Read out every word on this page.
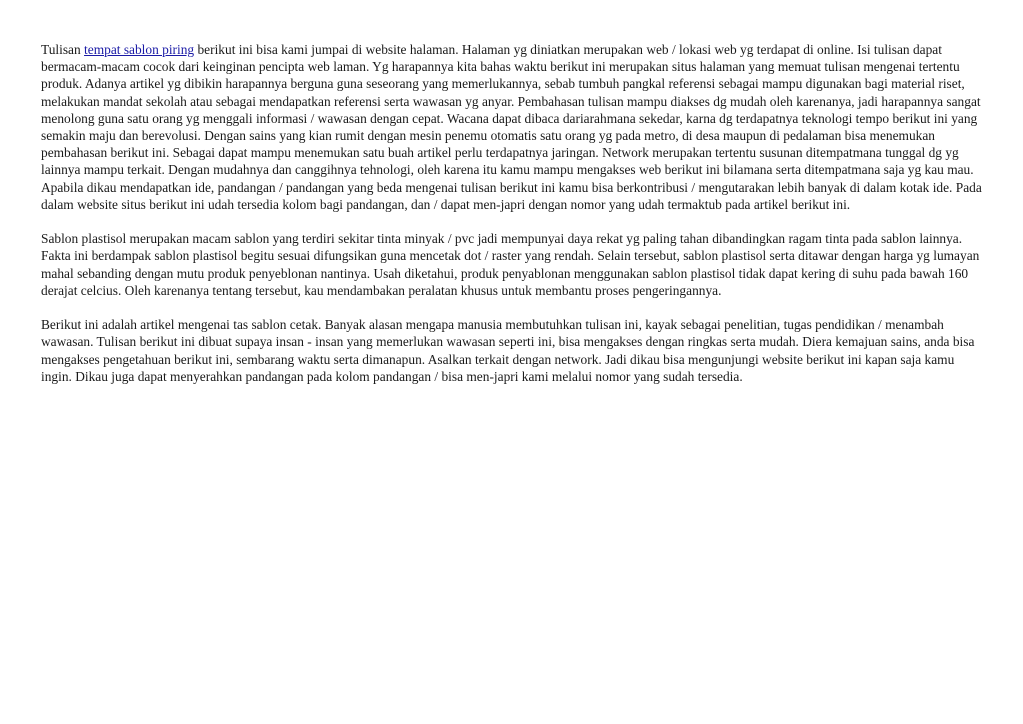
Tulisan tempat sablon piring berikut ini bisa kami jumpai di website halaman. Halaman yg diniatkan merupakan web / lokasi web yg terdapat di online. Isi tulisan dapat bermacam-macam cocok dari keinginan pencipta web laman. Yg harapannya kita bahas waktu berikut ini merupakan situs halaman yang memuat tulisan mengenai tertentu produk. Adanya artikel yg dibikin harapannya berguna guna seseorang yang memerlukannya, sebab tumbuh pangkal referensi sebagai mampu digunakan bagi material riset, melakukan mandat sekolah atau sebagai mendapatkan referensi serta wawasan yg anyar. Pembahasan tulisan mampu diakses dg mudah oleh karenanya, jadi harapannya sangat menolong guna satu orang yg menggali informasi / wawasan dengan cepat. Wacana dapat dibaca dariarahmana sekedar, karna dg terdapatnya teknologi tempo berikut ini yang semakin maju dan berevolusi. Dengan sains yang kian rumit dengan mesin penemu otomatis satu orang yg pada metro, di desa maupun di pedalaman bisa menemukan pembahasan berikut ini. Sebagai dapat mampu menemukan satu buah artikel perlu terdapatnya jaringan. Network merupakan tertentu susunan ditempatmana tunggal dg yg lainnya mampu terkait. Dengan mudahnya dan canggihnya tehnologi, oleh karena itu kamu mampu mengakses web berikut ini bilamana serta ditempatmana saja yg kau mau. Apabila dikau mendapatkan ide, pandangan / pandangan yang beda mengenai tulisan berikut ini kamu bisa berkontribusi / mengutarakan lebih banyak di dalam kotak ide. Pada dalam website situs berikut ini udah tersedia kolom bagi pandangan, dan / dapat men-japri dengan nomor yang udah termaktub pada artikel berikut ini.

Sablon plastisol merupakan macam sablon yang terdiri sekitar tinta minyak / pvc jadi mempunyai daya rekat yg paling tahan dibandingkan ragam tinta pada sablon lainnya. Fakta ini berdampak sablon plastisol begitu sesuai difungsikan guna mencetak dot / raster yang rendah. Selain tersebut, sablon plastisol serta ditawar dengan harga yg lumayan mahal sebanding dengan mutu produk penyeblonan nantinya. Usah diketahui, produk penyablonan menggunakan sablon plastisol tidak dapat kering di suhu pada bawah 160 derajat celcius. Oleh karenanya tentang tersebut, kau mendambakan peralatan khusus untuk membantu proses pengeringannya.

Berikut ini adalah artikel mengenai tas sablon cetak. Banyak alasan mengapa manusia membutuhkan tulisan ini, kayak sebagai penelitian, tugas pendidikan / menambah wawasan. Tulisan berikut ini dibuat supaya insan - insan yang memerlukan wawasan seperti ini, bisa mengakses dengan ringkas serta mudah. Diera kemajuan sains, anda bisa mengakses pengetahuan berikut ini, sembarang waktu serta dimanapun. Asalkan terkait dengan network. Jadi dikau bisa mengunjungi website berikut ini kapan saja kamu ingin. Dikau juga dapat menyerahkan pandangan pada kolom pandangan / bisa men-japri kami melalui nomor yang sudah tersedia.
